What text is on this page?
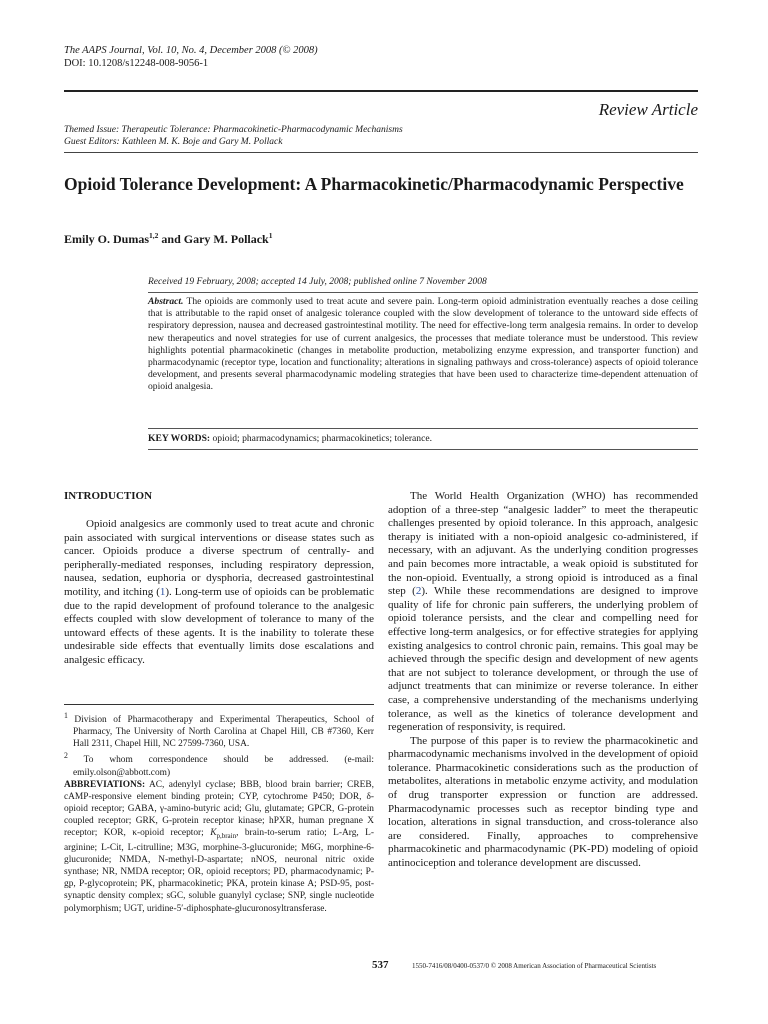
The AAPS Journal, Vol. 10, No. 4, December 2008 (© 2008)
DOI: 10.1208/s12248-008-9056-1
Review Article
Themed Issue: Therapeutic Tolerance: Pharmacokinetic-Pharmacodynamic Mechanisms
Guest Editors: Kathleen M. K. Boje and Gary M. Pollack
Opioid Tolerance Development: A Pharmacokinetic/Pharmacodynamic Perspective
Emily O. Dumas$^{1,2}$ and Gary M. Pollack$^1$
Received 19 February, 2008; accepted 14 July, 2008; published online 7 November 2008
Abstract. The opioids are commonly used to treat acute and severe pain. Long-term opioid administration eventually reaches a dose ceiling that is attributable to the rapid onset of analgesic tolerance coupled with the slow development of tolerance to the untoward side effects of respiratory depression, nausea and decreased gastrointestinal motility. The need for effective-long term analgesia remains. In order to develop new therapeutics and novel strategies for use of current analgesics, the processes that mediate tolerance must be understood. This review highlights potential pharmacokinetic (changes in metabolite production, metabolizing enzyme expression, and transporter function) and pharmacodynamic (receptor type, location and functionality; alterations in signaling pathways and cross-tolerance) aspects of opioid tolerance development, and presents several pharmacodynamic modeling strategies that have been used to characterize time-dependent attenuation of opioid analgesia.
KEY WORDS: opioid; pharmacodynamics; pharmacokinetics; tolerance.
INTRODUCTION

Opioid analgesics are commonly used to treat acute and chronic pain associated with surgical interventions or disease states such as cancer. Opioids produce a diverse spectrum of centrally- and peripherally-mediated responses, including respiratory depression, nausea, sedation, euphoria or dysphoria, decreased gastrointestinal motility, and itching (1). Long-term use of opioids can be problematic due to the rapid development of profound tolerance to the analgesic effects coupled with slow development of tolerance to many of the untoward effects of these agents. It is the inability to tolerate these undesirable side effects that eventually limits dose escalations and analgesic efficacy.

The World Health Organization (WHO) has recommended adoption of a three-step “analgesic ladder” to meet the therapeutic challenges presented by opioid tolerance. In this approach, analgesic therapy is initiated with a non-opioid analgesic co-administered, if necessary, with an adjuvant. As the underlying condition progresses and pain becomes more intractable, a weak opioid is substituted for the non-opioid. Eventually, a strong opioid is introduced as a final step (2). While these recommendations are designed to improve quality of life for chronic pain sufferers, the underlying problem of opioid tolerance persists, and the clear and compelling need for effective long-term analgesics, or for effective strategies for applying existing analgesics to control chronic pain, remains. This goal may be achieved through the specific design and development of new agents that are not subject to tolerance development, or through the use of adjunct treatments that can minimize or reverse tolerance. In either case, a comprehensive understanding of the mechanisms underlying tolerance, as well as the kinetics of tolerance development and regeneration of responsivity, is required.

The purpose of this paper is to review the pharmacokinetic and pharmacodynamic mechanisms involved in the development of opioid tolerance. Pharmacokinetic considerations such as the production of metabolites, alterations in metabolic enzyme activity, and modulation of drug transporter expression or function are addressed. Pharmacodynamic processes such as receptor binding type and location, alterations in signal transduction, and cross-tolerance also are considered. Finally, approaches to comprehensive pharmacokinetic and pharmacodynamic (PK-PD) modeling of opioid antinociception and tolerance development are discussed.

$^1$ Division of Pharmacotherapy and Experimental Therapeutics, School of Pharmacy, The University of North Carolina at Chapel Hill, CB #7360, Kerr Hall 2311, Chapel Hill, NC 27599-7360, USA.

$^2$ To whom correspondence should be addressed. (e-mail: emily.olson@abbott.com)

ABBREVIATIONS: AC, adenylyl cyclase; BBB, blood brain barrier; CREB, cAMP-responsive element binding protein; CYP, cytochrome P450; DOR, δ-opioid receptor; GABA, γ-amino-butyric acid; Glu, glutamate; GPCR, G-protein coupled receptor; GRK, G-protein receptor kinase; hPXR, human pregnane X receptor; KOR, κ-opioid receptor; $K_{p,brain}$, brain-to-serum ratio; L-Arg, L-arginine; L-Cit, L-citrulline; M3G, morphine-3-glucuronide; M6G, morphine-6-glucuronide; NMDA, N-methyl-D-aspartate; nNOS, neuronal nitric oxide synthase; NR, NMDA receptor; OR, opioid receptors; PD, pharmacodynamic; P-gp, P-glycoprotein; PK, pharmacokinetic; PKA, protein kinase A; PSD-95, post-synaptic density complex; sGC, soluble guanylyl cyclase; SNP, single nucleotide polymorphism; UGT, uridine-5′-diphosphate-glucuronosyltransferase.

537	1550-7416/08/0400-0537/0 © 2008 American Association of Pharmaceutical Scientists
